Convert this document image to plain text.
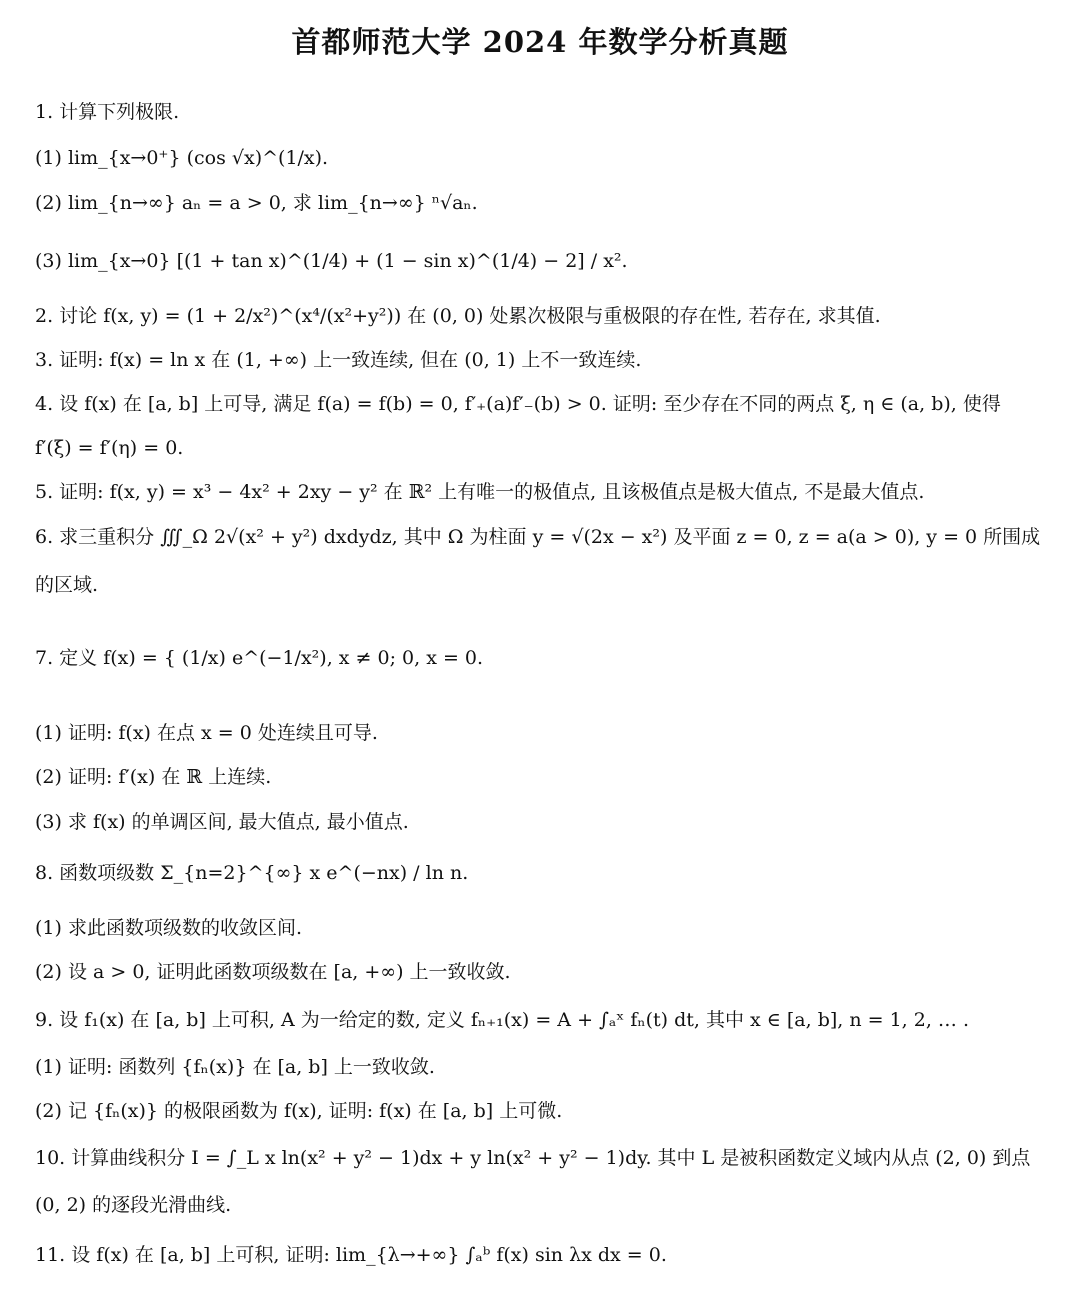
首都师范大学 2024 年数学分析真题
1. 计算下列极限.
(1) lim_{x→0⁺} (cos √x)^(1/x).
(2) lim_{n→∞} aₙ = a > 0, 求 lim_{n→∞} ⁿ√aₙ.
(3) lim_{x→0} [(1 + tan x)^(1/4) + (1 − sin x)^(1/4) − 2] / x².
2. 讨论 f(x, y) = (1 + 2/x²)^(x⁴/(x²+y²)) 在 (0, 0) 处累次极限与重极限的存在性, 若存在, 求其值.
3. 证明: f(x) = ln x 在 (1, +∞) 上一致连续, 但在 (0, 1) 上不一致连续.
4. 设 f(x) 在 [a, b] 上可导, 满足 f(a) = f(b) = 0, f′₊(a)f′₋(b) > 0. 证明: 至少存在不同的两点 ξ, η ∈ (a, b), 使得
f′(ξ) = f′(η) = 0.
5. 证明: f(x, y) = x³ − 4x² + 2xy − y² 在 ℝ² 上有唯一的极值点, 且该极值点是极大值点, 不是最大值点.
6. 求三重积分 ∭_Ω 2√(x² + y²) dxdydz, 其中 Ω 为柱面 y = √(2x − x²) 及平面 z = 0, z = a(a > 0), y = 0 所围成
的区域.
7. 定义 f(x) = { (1/x) e^(−1/x²), x ≠ 0; 0, x = 0.
(1) 证明: f(x) 在点 x = 0 处连续且可导.
(2) 证明: f′(x) 在 ℝ 上连续.
(3) 求 f(x) 的单调区间, 最大值点, 最小值点.
8. 函数项级数 Σ_{n=2}^{∞} x e^(−nx) / ln n.
(1) 求此函数项级数的收敛区间.
(2) 设 a > 0, 证明此函数项级数在 [a, +∞) 上一致收敛.
9. 设 f₁(x) 在 [a, b] 上可积, A 为一给定的数, 定义 fₙ₊₁(x) = A + ∫ₐˣ fₙ(t) dt, 其中 x ∈ [a, b], n = 1, 2, … .
(1) 证明: 函数列 {fₙ(x)} 在 [a, b] 上一致收敛.
(2) 记 {fₙ(x)} 的极限函数为 f(x), 证明: f(x) 在 [a, b] 上可微.
10. 计算曲线积分 I = ∫_L x ln(x² + y² − 1)dx + y ln(x² + y² − 1)dy. 其中 L 是被积函数定义域内从点 (2, 0) 到点
(0, 2) 的逐段光滑曲线.
11. 设 f(x) 在 [a, b] 上可积, 证明: lim_{λ→+∞} ∫ₐᵇ f(x) sin λx dx = 0.
